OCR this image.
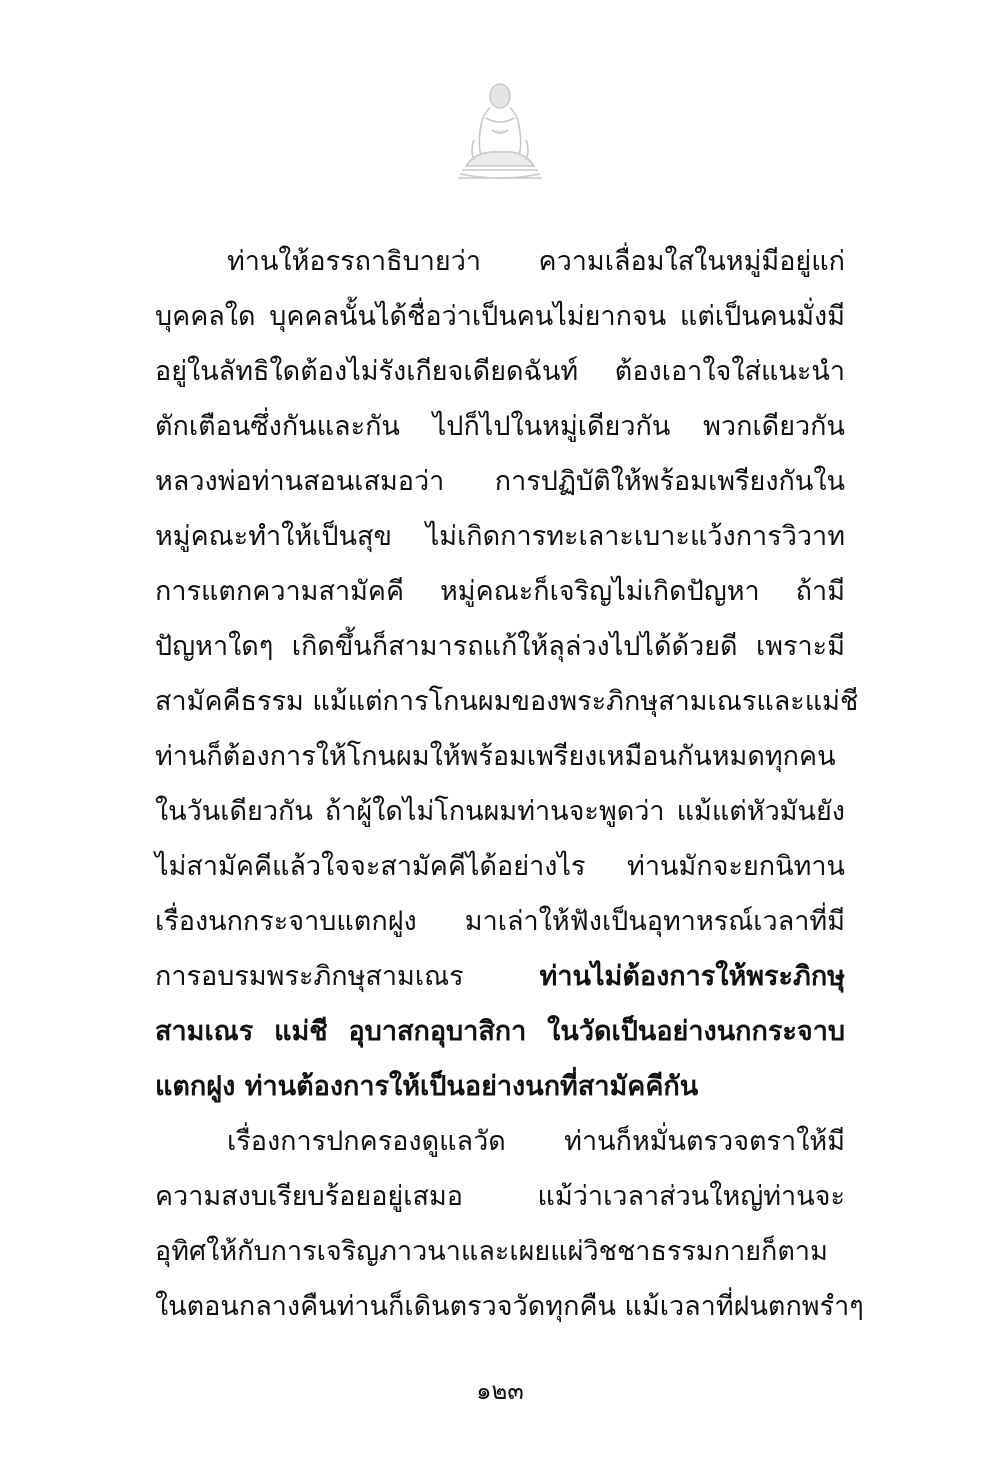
ท่านให้อรรถาธิบายว่า ความเลื่อมใสในหมู่มีอยู่แก่
บุคคลใด บุคคลนั้นได้ชื่อว่าเป็นคนไม่ยากจน แต่เป็นคนมั่งมี
อยู่ในลัทธิใดต้องไม่รังเกียจเดียดฉันท์ ต้องเอาใจใส่แนะนำ
ตักเตือนซึ่งกันและกัน ไปก็ไปในหมู่เดียวกัน พวกเดียวกัน
หลวงพ่อท่านสอนเสมอว่า การปฏิบัติให้พร้อมเพรียงกันใน
หมู่คณะทำให้เป็นสุข ไม่เกิดการทะเลาะเบาะแว้งการวิวาท
การแตกความสามัคคี หมู่คณะก็เจริญไม่เกิดปัญหา ถ้ามี
ปัญหาใดๆ เกิดขึ้นก็สามารถแก้ให้ลุล่วงไปได้ด้วยดี เพราะมี
สามัคคีธรรม แม้แต่การโกนผมของพระภิกษุสามเณรและแม่ชี
ท่านก็ต้องการให้โกนผมให้พร้อมเพรียงเหมือนกันหมดทุกคน
ในวันเดียวกัน ถ้าผู้ใดไม่โกนผมท่านจะพูดว่า แม้แต่หัวมันยัง
ไม่สามัคคีแล้วใจจะสามัคคีได้อย่างไร ท่านมักจะยกนิทาน
เรื่องนกกระจาบแตกฝูง มาเล่าให้ฟังเป็นอุทาหรณ์เวลาที่มี
การอบรมพระภิกษุสามเณร	ท่านไม่ต้องการให้พระภิกษุ
สามเณร แม่ชี อุบาสกอุบาสิกา ในวัดเป็นอย่างนกกระจาบ
แตกฝูง ท่านต้องการให้เป็นอย่างนกที่สามัคคีกัน
เรื่องการปกครองดูแลวัด ท่านก็หมั่นตรวจตราให้มี
ความสงบเรียบร้อยอยู่เสมอ แม้ว่าเวลาส่วนใหญ่ท่านจะ
อุทิศให้กับการเจริญภาวนาและเผยแผ่วิชชาธรรมกายก็ตาม
ในตอนกลางคืนท่านก็เดินตรวจวัดทุกคืน แม้เวลาที่ฝนตกพรำๆ
๑๒๓
